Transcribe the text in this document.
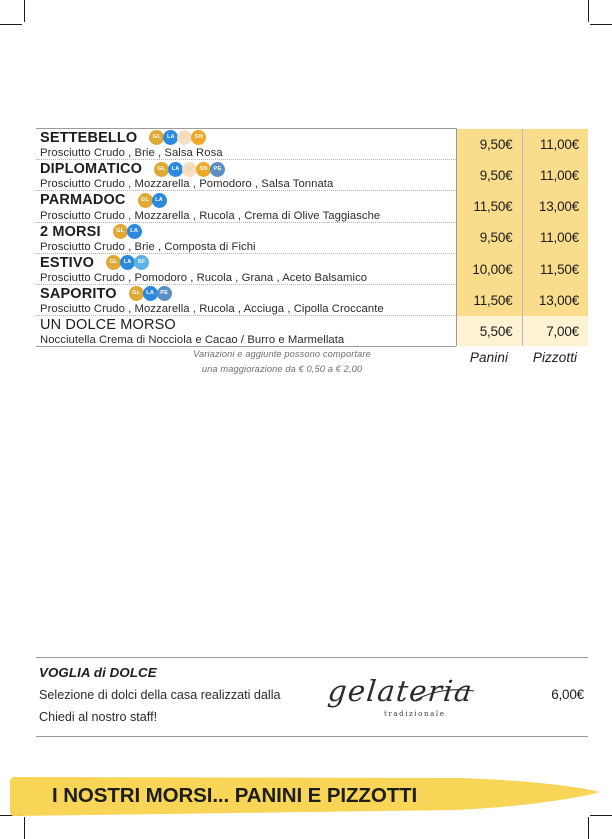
SETTEBELLO GL LA UV SN	9,50€	11,00€

Prosciutto Crudo , Brie , Salsa Rosa		

DIPLOMATICO GL LA UV SN PE	9,50€	11,00€

Prosciutto Crudo , Mozzarella , Pomodoro , Salsa Tonnata		

PARMADOC GL LA	11,50€	13,00€

Prosciutto Crudo , Mozzarella , Rucola , Crema di Olive Taggiasche		

2 MORSI GL LA	9,50€	11,00€

Prosciutto Crudo , Brie , Composta di Fichi		

ESTIVO GL LA SF	10,00€	11,50€

Prosciutto Crudo , Pomodoro , Rucola , Grana , Aceto Balsamico		

SAPORITO GL LA PE	11,50€	13,00€

Prosciutto Crudo , Mozzarella , Rucola , Acciuga , Cipolla Croccante		

UN DOLCE MORSO	5,50€	7,00€

Nocciutella Crema di Nocciola e Cacao / Burro e Marmellata		
Variazioni e aggiunte possono comportare
una maggiorazione da € 0,50 a € 2,00
Panini	Pizzotti
VOGLIA di DOLCE
Selezione di dolci della casa realizzati dalla
Chiedi al nostro staff!
gelateria
tradizionale
6,00€
I NOSTRI MORSI... PANINI E PIZZOTTI
